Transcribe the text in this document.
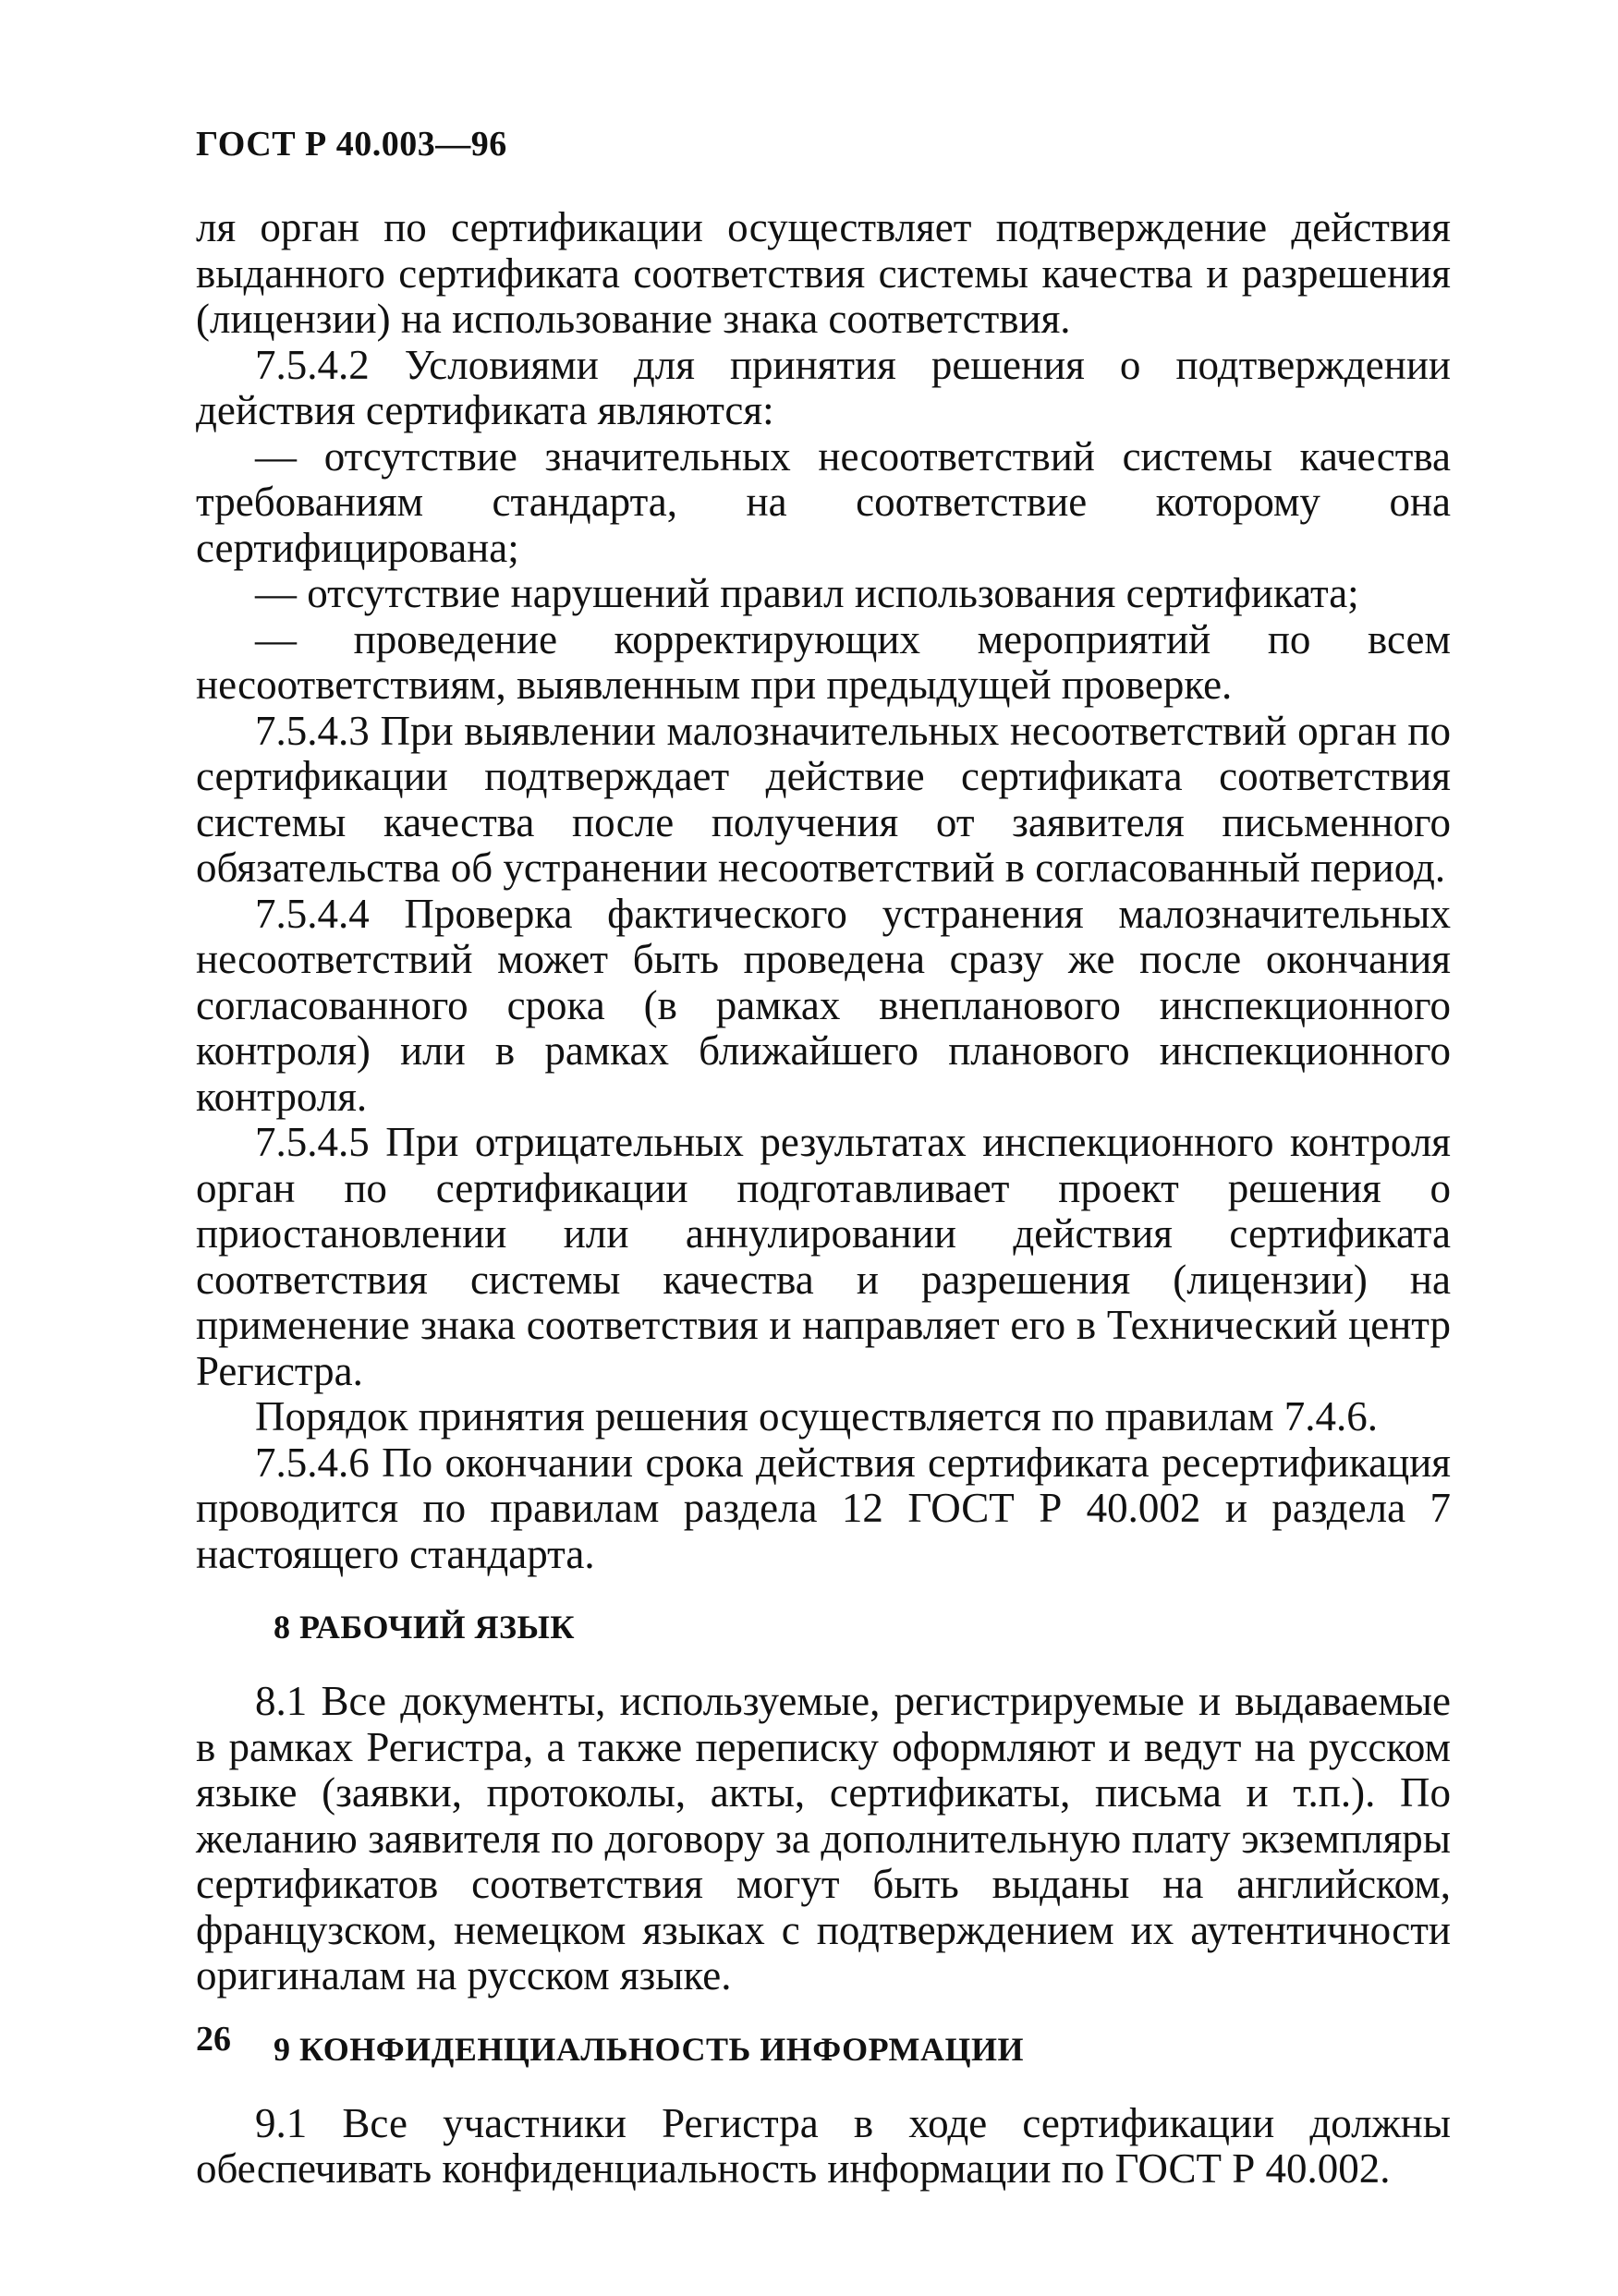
ГОСТ Р 40.003—96

ля орган по сертификации осуществляет подтверждение действия выданного сертификата соответствия системы качества и разрешения (лицензии) на использование знака соответствия.

7.5.4.2 Условиями для принятия решения о подтверждении действия сертификата являются:

— отсутствие значительных несоответствий системы качества требованиям стандарта, на соответствие которому она сертифицирована;

— отсутствие нарушений правил использования сертификата;

— проведение корректирующих мероприятий по всем несоответствиям, выявленным при предыдущей проверке.

7.5.4.3 При выявлении малозначительных несоответствий орган по сертификации подтверждает действие сертификата соответствия системы качества после получения от заявителя письменного обязательства об устранении несоответствий в согласованный период.

7.5.4.4 Проверка фактического устранения малозначительных несоответствий может быть проведена сразу же после окончания согласованного срока (в рамках внепланового инспекционного контроля) или в рамках ближайшего планового инспекционного контроля.

7.5.4.5 При отрицательных результатах инспекционного контроля орган по сертификации подготавливает проект решения о приостановлении или аннулировании действия сертификата соответствия системы качества и разрешения (лицензии) на применение знака соответствия и направляет его в Технический центр Регистра.

Порядок принятия решения осуществляется по правилам 7.4.6.

7.5.4.6 По окончании срока действия сертификата ресертификация проводится по правилам раздела 12 ГОСТ Р 40.002 и раздела 7 настоящего стандарта.

8 РАБОЧИЙ ЯЗЫК

8.1 Все документы, используемые, регистрируемые и выдаваемые в рамках Регистра, а также переписку оформляют и ведут на русском языке (заявки, протоколы, акты, сертификаты, письма и т.п.). По желанию заявителя по договору за дополнительную плату экземпляры сертификатов соответствия могут быть выданы на английском, французском, немецком языках с подтверждением их аутентичности оригиналам на русском языке.

9 КОНФИДЕНЦИАЛЬНОСТЬ ИНФОРМАЦИИ

9.1 Все участники Регистра в ходе сертификации должны обеспечивать конфиденциальность информации по ГОСТ Р 40.002.

26
